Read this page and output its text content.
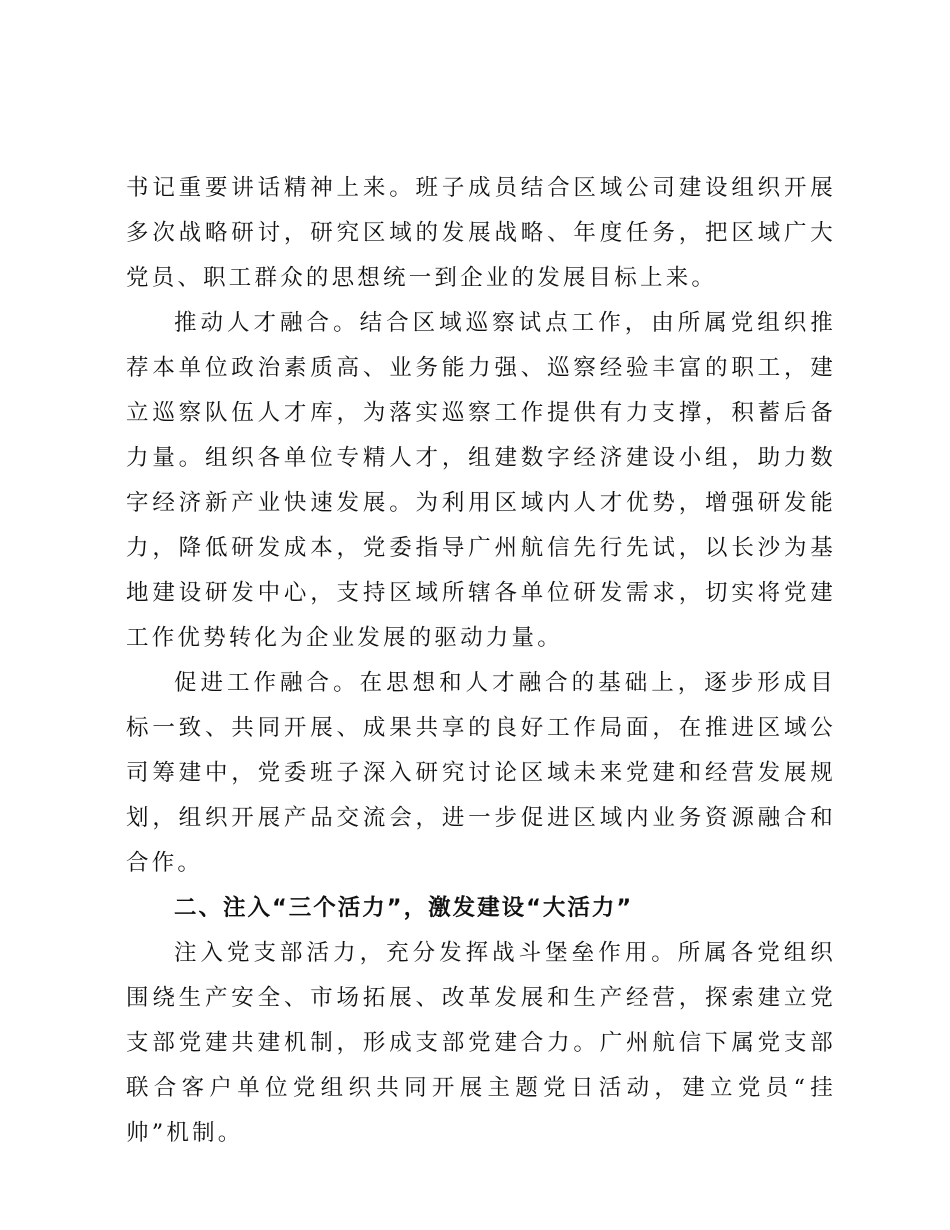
书记重要讲话精神上来。班子成员结合区域公司建设组织开展多次战略研讨，研究区域的发展战略、年度任务，把区域广大党员、职工群众的思想统一到企业的发展目标上来。

推动人才融合。结合区域巡察试点工作，由所属党组织推荐本单位政治素质高、业务能力强、巡察经验丰富的职工，建立巡察队伍人才库，为落实巡察工作提供有力支撑，积蓄后备力量。组织各单位专精人才，组建数字经济建设小组，助力数字经济新产业快速发展。为利用区域内人才优势，增强研发能力，降低研发成本，党委指导广州航信先行先试，以长沙为基地建设研发中心，支持区域所辖各单位研发需求，切实将党建工作优势转化为企业发展的驱动力量。

促进工作融合。在思想和人才融合的基础上，逐步形成目标一致、共同开展、成果共享的良好工作局面，在推进区域公司筹建中，党委班子深入研究讨论区域未来党建和经营发展规划，组织开展产品交流会，进一步促进区域内业务资源融合和合作。

二、注入“三个活力”，激发建设“大活力”

注入党支部活力，充分发挥战斗堡垒作用。所属各党组织围绕生产安全、市场拓展、改革发展和生产经营，探索建立党支部党建共建机制，形成支部党建合力。广州航信下属党支部联合客户单位党组织共同开展主题党日活动，建立党员“挂帅”机制。
